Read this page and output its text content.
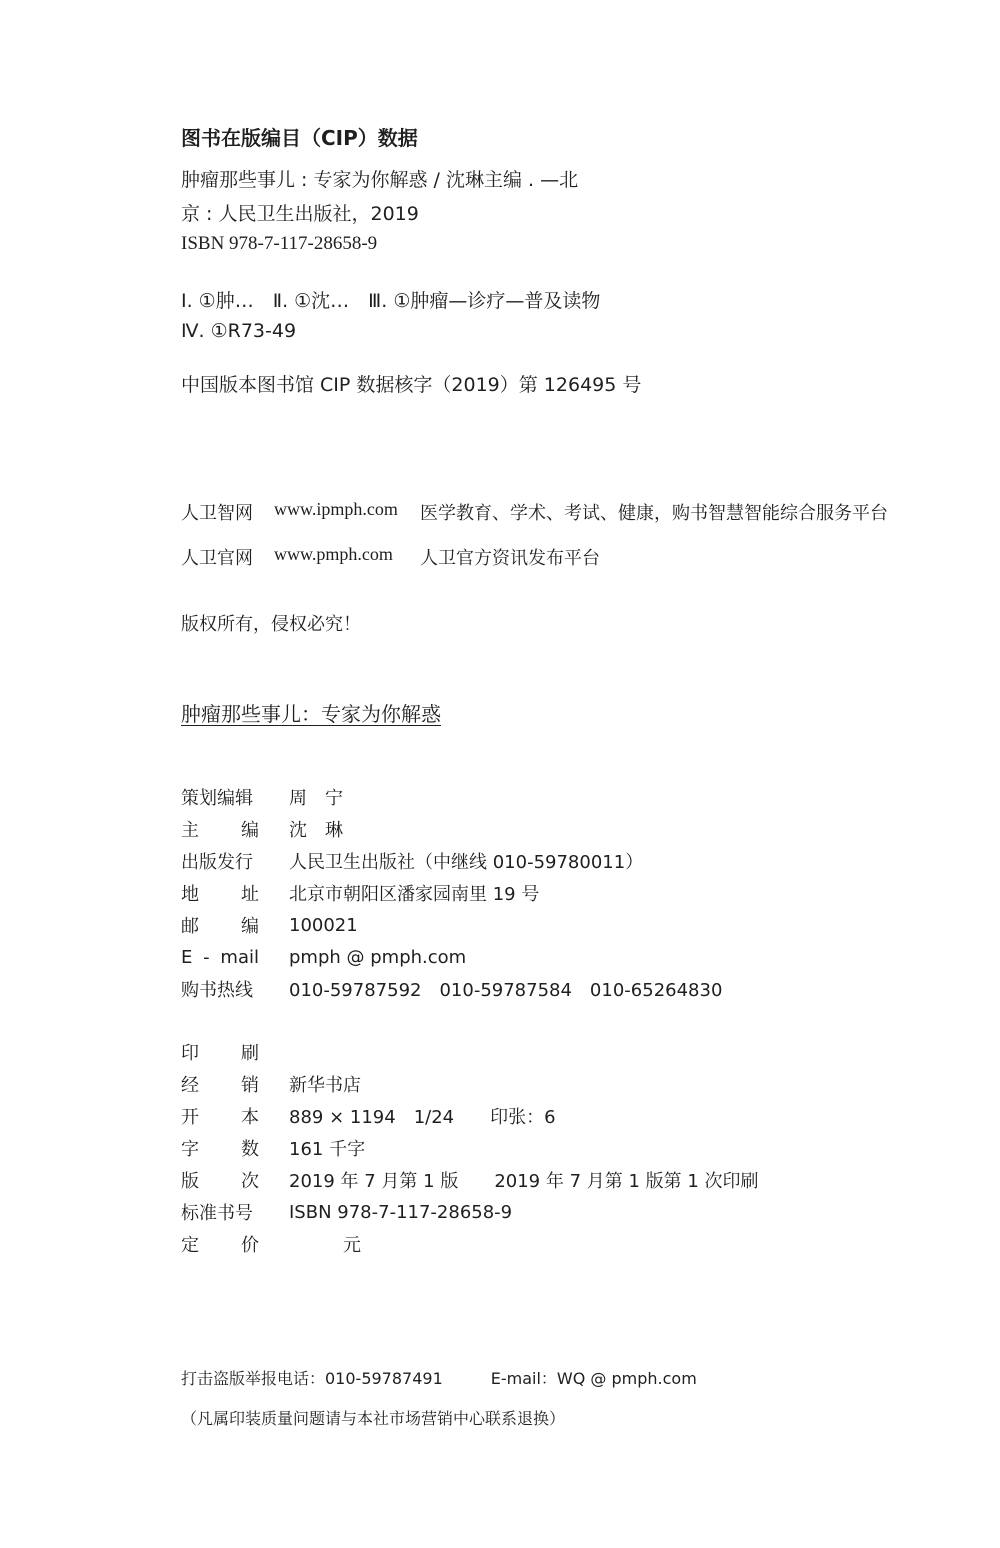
图书在版编目（CIP）数据
肿瘤那些事儿 : 专家为你解惑 / 沈琳主编 . —北
京 : 人民卫生出版社，2019
ISBN 978-7-117-28658-9
Ⅰ. ①肿…　Ⅱ. ①沈…　Ⅲ. ①肿瘤—诊疗—普及读物
Ⅳ. ①R73-49
中国版本图书馆 CIP 数据核字（2019）第 126495 号
人卫智网 www.ipmph.com 医学教育、学术、考试、健康，购书智慧智能综合服务平台
人卫官网 www.pmph.com 人卫官方资讯发布平台
版权所有，侵权必究！
肿瘤那些事儿：专家为你解惑
策划编辑 周　宁
主 编 沈　琳
出版发行 人民卫生出版社（中继线 010-59780011）
地 址 北京市朝阳区潘家园南里 19 号
邮 编 100021
E - mail pmph @ pmph.com
购书热线 010-59787592　010-59787584　010-65264830
印 刷
经 销 新华书店
开 本 889 × 1194　1/24　　印张：6
字 数 161 千字
版 次 2019 年 7 月第 1 版　　2019 年 7 月第 1 版第 1 次印刷
标准书号 ISBN 978-7-117-28658-9
定 价 　　　元
打击盗版举报电话：010-59787491　　　E-mail：WQ @ pmph.com
（凡属印装质量问题请与本社市场营销中心联系退换）
